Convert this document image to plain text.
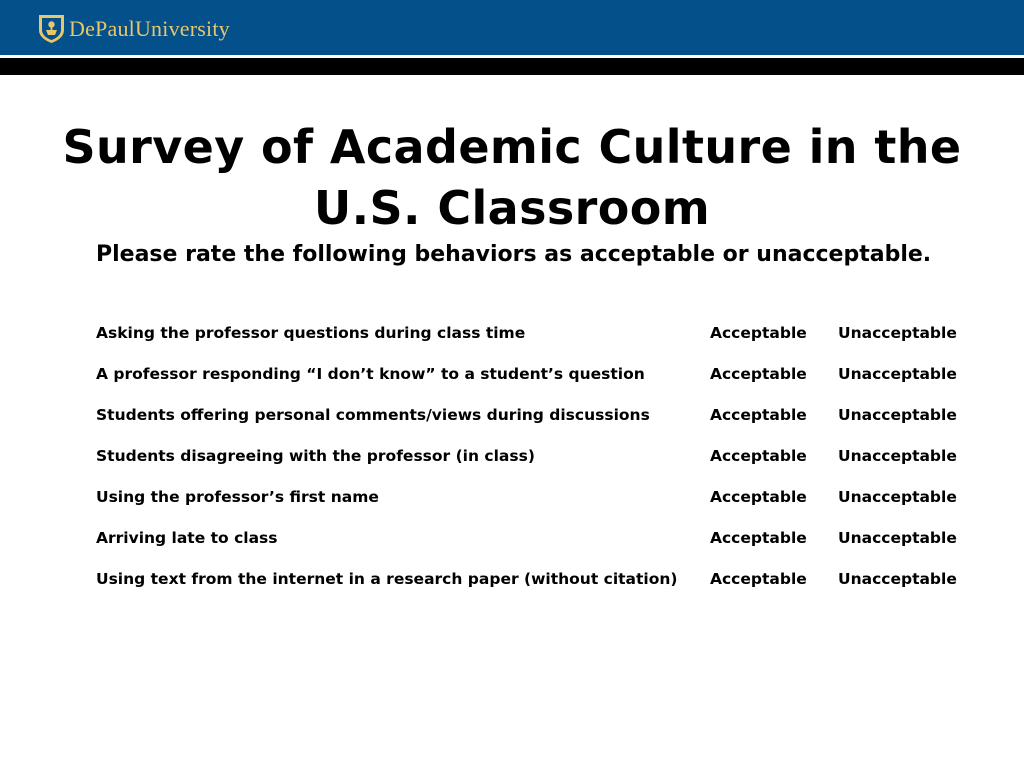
DePaulUniversity
Survey of Academic Culture in the
U.S. Classroom

Please rate the following behaviors as acceptable or unacceptable.

Asking the professor questions during class time	Acceptable Unacceptable
A professor responding “I don’t know” to a student’s question	Acceptable Unacceptable
Students offering personal comments/views during discussions	Acceptable Unacceptable
Students disagreeing with the professor (in class)	Acceptable Unacceptable
Using the professor’s first name	Acceptable Unacceptable
Arriving late to class	Acceptable Unacceptable
Using text from the internet in a research paper (without citation) Acceptable Unacceptable
